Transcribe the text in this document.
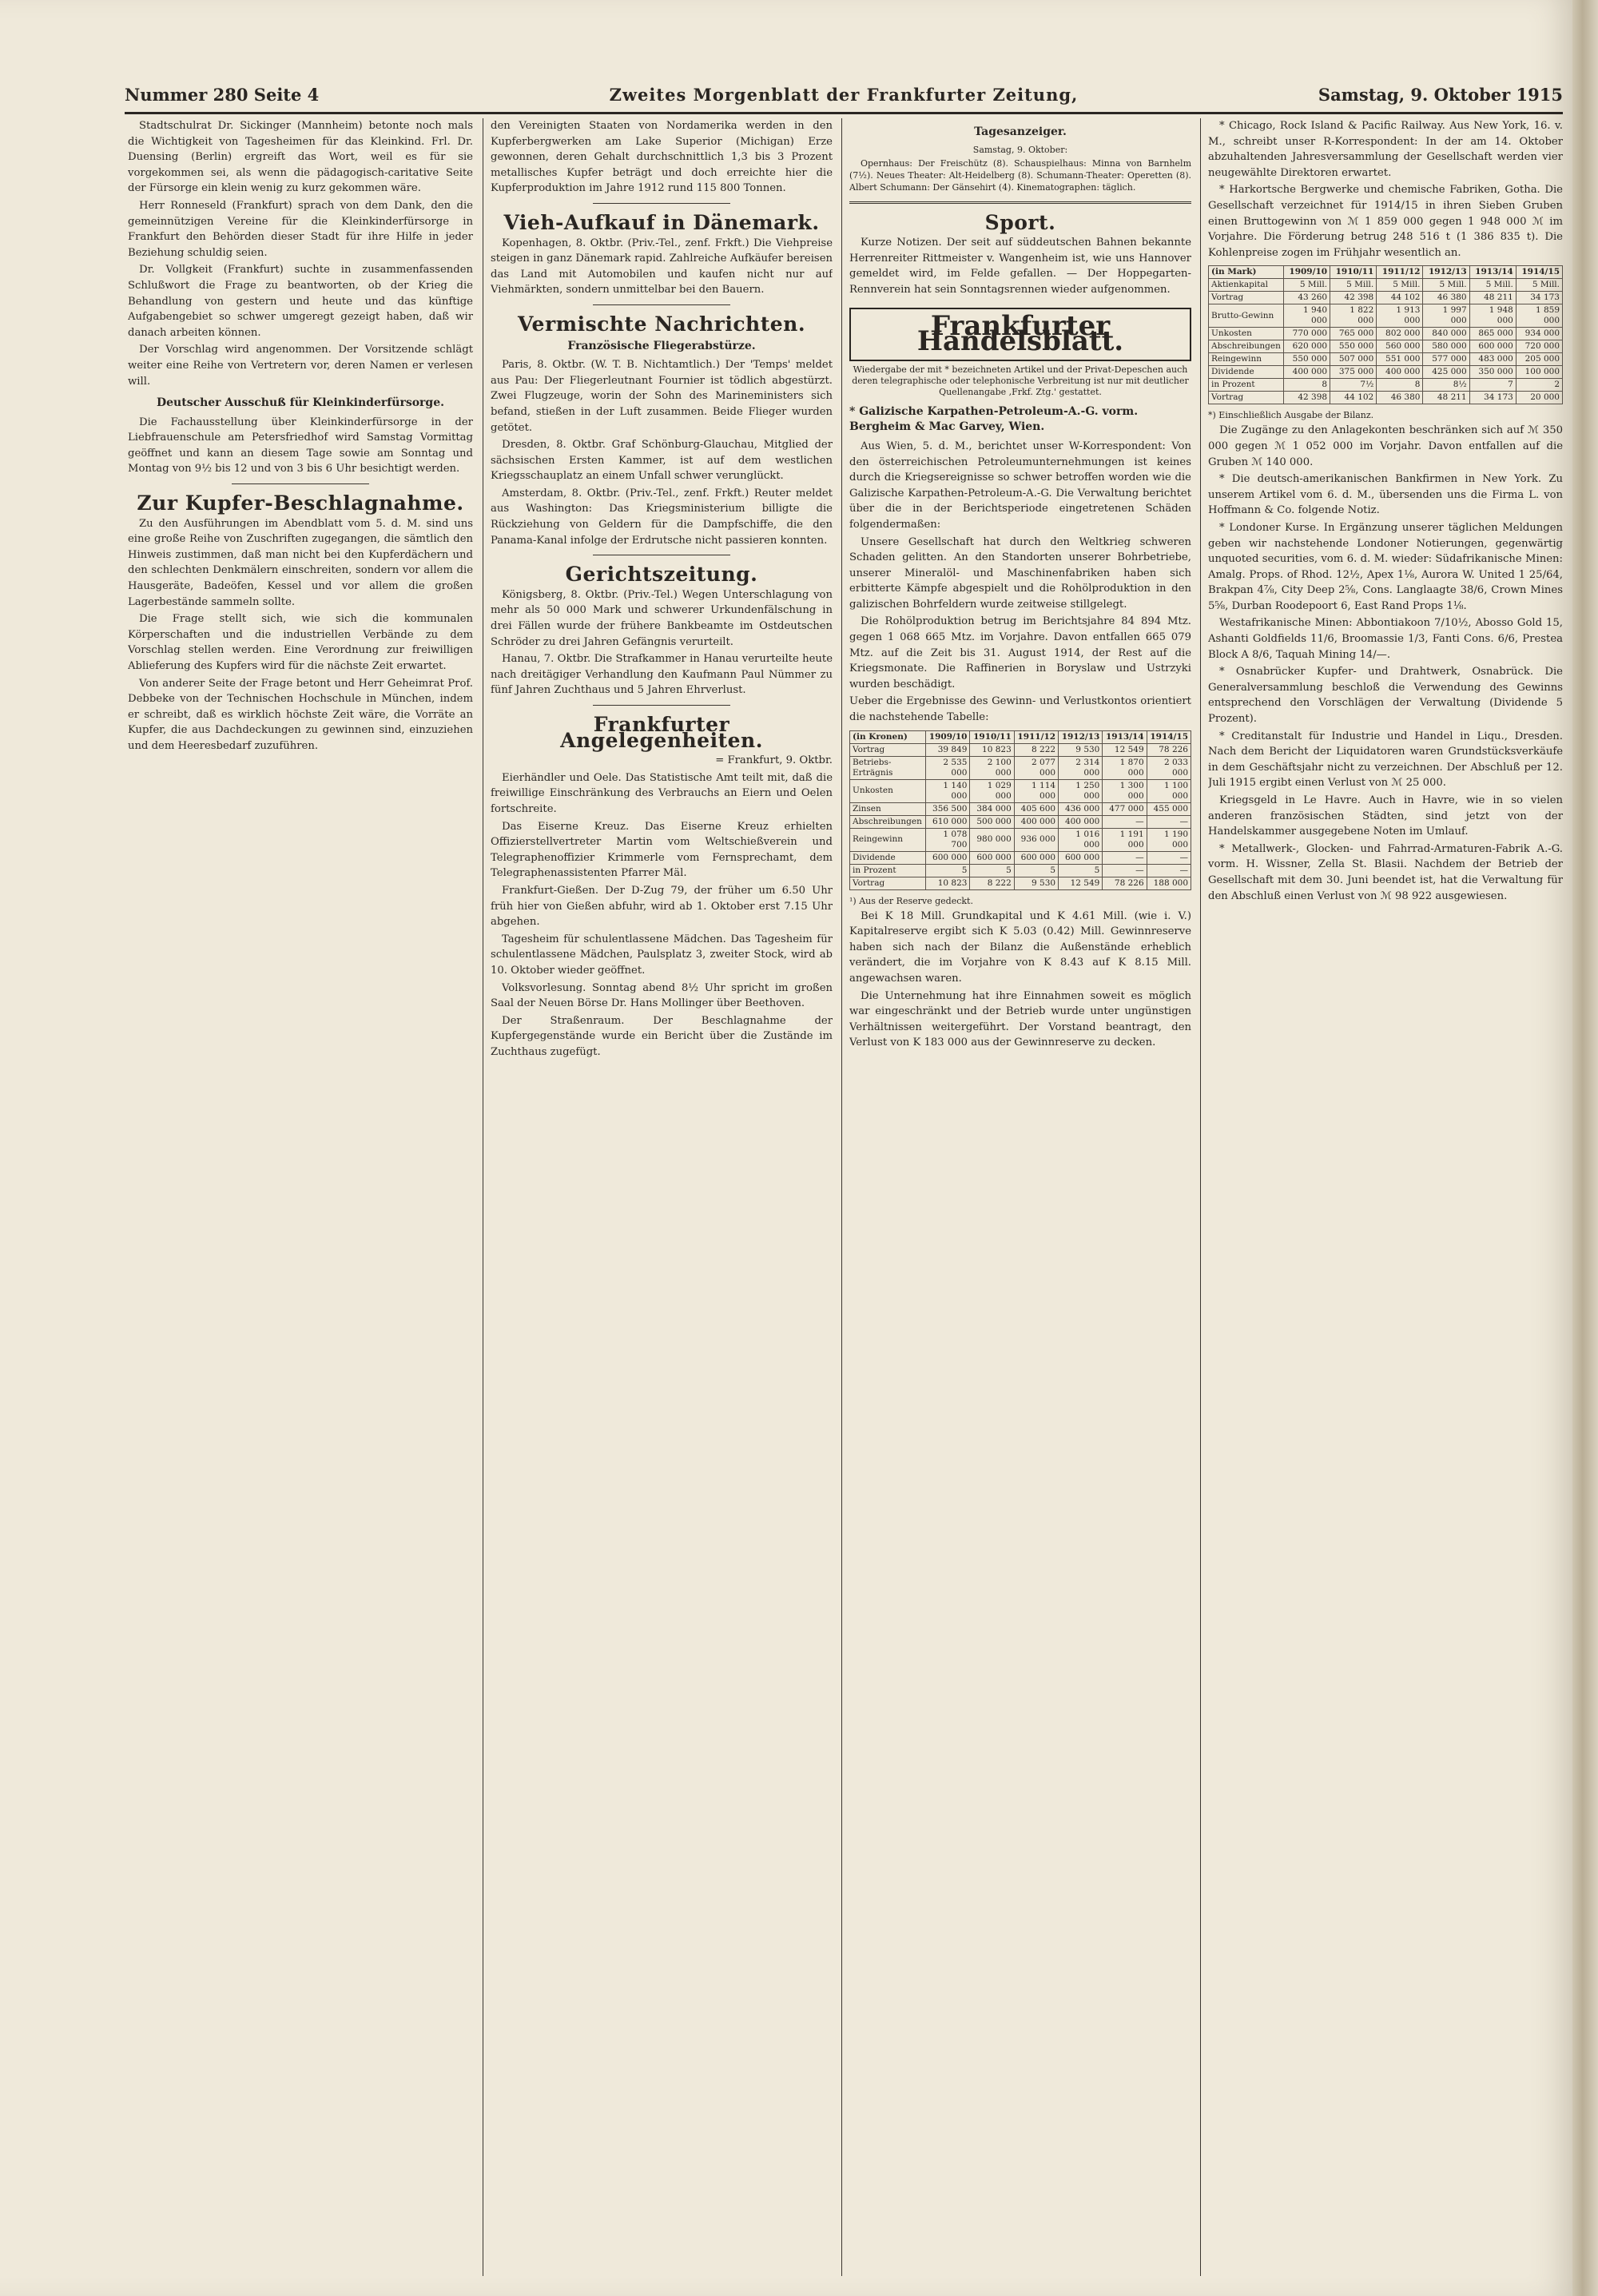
Nummer 280 Seite 4	Zweites Morgenblatt der Frankfurter Zeitung,	Samstag, 9. Oktober 1915

Stadtschulrat Dr. Sickinger (Mannheim) betonte noch mals die Wichtigkeit von Tagesheimen für das Kleinkind. Frl. Dr. Duensing (Berlin) ergreift das Wort, weil es für sie vorgekommen sei, als wenn die pädagogisch-caritative Seite der Fürsorge ein klein wenig zu kurz gekommen wäre.

Herr Ronneseld (Frankfurt) sprach von dem Dank, den die gemeinnützigen Vereine für die Kleinkinderfürsorge in Frankfurt den Behörden dieser Stadt für ihre Hilfe in jeder Beziehung schuldig seien.

Dr. Vollgkeit (Frankfurt) suchte in zusammenfassenden Schlußwort die Frage zu beantworten, ob der Krieg die Behandlung von gestern und heute und das künftige Aufgabengebiet so schwer umgeregt gezeigt haben, daß wir danach arbeiten können.

Der Vorschlag wird angenommen. Der Vorsitzende schlägt weiter eine Reihe von Vertretern vor, deren Namen er verlesen will.

Deutscher Ausschuß für Kleinkinderfürsorge.

Die Fachausstellung über Kleinkinderfürsorge in der Liebfrauenschule am Petersfriedhof wird Samstag Vormittag geöffnet und kann an diesem Tage sowie am Sonntag und Montag von 9½ bis 12 und von 3 bis 6 Uhr besichtigt werden.

Zur Kupfer-Beschlagnahme.

Zu den Ausführungen im Abendblatt vom 5. d. M. sind uns eine große Reihe von Zuschriften zugegangen, die sämtlich den Hinweis zustimmen, daß man nicht bei den Kupferdächern und den schlechten Denkmälern einschreiten, sondern vor allem die Hausgeräte, Badeöfen, Kessel und vor allem die großen Lagerbestände sammeln sollte.

Die Frage stellt sich, wie sich die kommunalen Körperschaften und die industriellen Verbände zu dem Vorschlag stellen werden. Eine Verordnung zur freiwilligen Ablieferung des Kupfers wird für die nächste Zeit erwartet.

Von anderer Seite der Frage betont und Herr Geheimrat Prof. Debbeke von der Technischen Hochschule in München, indem er schreibt, daß es wirklich höchste Zeit wäre, die Vorräte an Kupfer, die aus Dachdeckungen zu gewinnen sind, einzuziehen und dem Heeresbedarf zuzuführen.

den Vereinigten Staaten von Nordamerika werden in den Kupferbergwerken am Lake Superior (Michigan) Erze gewonnen, deren Gehalt durchschnittlich 1,3 bis 3 Prozent metallisches Kupfer beträgt und doch erreichte hier die Kupferproduktion im Jahre 1912 rund 115 800 Tonnen.

Vieh-Aufkauf in Dänemark.

Kopenhagen, 8. Oktbr. (Priv.-Tel., zenf. Frkft.) Die Viehpreise steigen in ganz Dänemark rapid. Zahlreiche Aufkäufer bereisen das Land mit Automobilen und kaufen nicht nur auf Viehmärkten, sondern unmittelbar bei den Bauern.

Vermischte Nachrichten.
Französische Fliegerabstürze.

Paris, 8. Oktbr. (W. T. B. Nichtamtlich.) Der 'Temps' meldet aus Pau: Der Fliegerleutnant Fournier ist tödlich abgestürzt. Zwei Flugzeuge, worin der Sohn des Marineministers sich befand, stießen in der Luft zusammen. Beide Flieger wurden getötet.

Dresden, 8. Oktbr. Graf Schönburg-Glauchau, Mitglied der sächsischen Ersten Kammer, ist auf dem westlichen Kriegsschauplatz an einem Unfall schwer verunglückt.

Amsterdam, 8. Oktbr. (Priv.-Tel., zenf. Frkft.) Reuter meldet aus Washington: Das Kriegsministerium billigte die Rückziehung von Geldern für die Dampfschiffe, die den Panama-Kanal infolge der Erdrutsche nicht passieren konnten.

Gerichtszeitung.

Königsberg, 8. Oktbr. (Priv.-Tel.) Wegen Unterschlagung von mehr als 50 000 Mark und schwerer Urkundenfälschung in drei Fällen wurde der frühere Bankbeamte im Ostdeutschen Schröder zu drei Jahren Gefängnis verurteilt.

Hanau, 7. Oktbr. Die Strafkammer in Hanau verurteilte heute nach dreitägiger Verhandlung den Kaufmann Paul Nümmer zu fünf Jahren Zuchthaus und 5 Jahren Ehrverlust.

Frankfurter Angelegenheiten.

= Frankfurt, 9. Oktbr.

Eierhändler und Oele. Das Statistische Amt teilt mit, daß die freiwillige Einschränkung des Verbrauchs an Eiern und Oelen fortschreite.

Das Eiserne Kreuz. Das Eiserne Kreuz erhielten Offizierstellvertreter Martin vom Weltschießverein und Telegraphenoffizier Krimmerle vom Fernsprechamt, dem Telegraphenassistenten Pfarrer Mäl.

Frankfurt-Gießen. Der D-Zug 79, der früher um 6.50 Uhr früh hier von Gießen abfuhr, wird ab 1. Oktober erst 7.15 Uhr abgehen.

Tagesheim für schulentlassene Mädchen. Das Tagesheim für schulentlassene Mädchen, Paulsplatz 3, zweiter Stock, wird ab 10. Oktober wieder geöffnet.

Volksvorlesung. Sonntag abend 8½ Uhr spricht im großen Saal der Neuen Börse Dr. Hans Mollinger über Beethoven.

Der Straßenraum. Der Beschlagnahme der Kupfergegenstände wurde ein Bericht über die Zustände im Zuchthaus zugefügt.

Tagesanzeiger.

Samstag, 9. Oktober:

Opernhaus: Der Freischütz (8). Schauspielhaus: Minna von Barnhelm (7½). Neues Theater: Alt-Heidelberg (8). Schumann-Theater: Operetten (8). Albert Schumann: Der Gänsehirt (4). Kinematographen: täglich.

Sport.

Kurze Notizen. Der seit auf süddeutschen Bahnen bekannte Herrenreiter Rittmeister v. Wangenheim ist, wie uns Hannover gemeldet wird, im Felde gefallen. — Der Hoppegarten-Rennverein hat sein Sonntagsrennen wieder aufgenommen.

Frankfurter Handelsblatt.
Wiedergabe der mit * bezeichneten Artikel und der Privat-Depeschen auch deren telegraphische oder telephonische Verbreitung ist nur mit deutlicher Quellenangabe ,Frkf. Ztg.' gestattet.
* Galizische Karpathen-Petroleum-A.-G. vorm. Bergheim & Mac Garvey, Wien.

Aus Wien, 5. d. M., berichtet unser W-Korrespondent: Von den österreichischen Petroleumunternehmungen ist keines durch die Kriegsereignisse so schwer betroffen worden wie die Galizische Karpathen-Petroleum-A.-G. Die Verwaltung berichtet über die in der Berichtsperiode eingetretenen Schäden folgendermaßen:

Unsere Gesellschaft hat durch den Weltkrieg schweren Schaden gelitten. An den Standorten unserer Bohrbetriebe, unserer Mineralöl- und Maschinenfabriken haben sich erbitterte Kämpfe abgespielt und die Rohölproduktion in den galizischen Bohrfeldern wurde zeitweise stillgelegt.

Die Rohölproduktion betrug im Berichtsjahre 84 894 Mtz. gegen 1 068 665 Mtz. im Vorjahre. Davon entfallen 665 079 Mtz. auf die Zeit bis 31. August 1914, der Rest auf die Kriegsmonate. Die Raffinerien in Boryslaw und Ustrzyki wurden beschädigt.

Ueber die Ergebnisse des Gewinn- und Verlustkontos orientiert die nachstehende Tabelle:

(in Kronen)	1909/10	1910/11	1911/12	1912/13	1913/14	1914/15
Vortrag	39 849	10 823	8 222	9 530	12 549	78 226
Betriebs-Erträgnis	2 535 000	2 100 000	2 077 000	2 314 000	1 870 000	2 033 000
Unkosten	1 140 000	1 029 000	1 114 000	1 250 000	1 300 000	1 100 000
Zinsen	356 500	384 000	405 600	436 000	477 000	455 000
Abschreibungen	610 000	500 000	400 000	400 000	—	—
Reingewinn	1 078 700	980 000	936 000	1 016 000	1 191 000	1 190 000
Dividende	600 000	600 000	600 000	600 000	—	—
in Prozent	5	5	5	5	—	—
Vortrag	10 823	8 222	9 530	12 549	78 226	188 000

¹) Aus der Reserve gedeckt.

Bei K 18 Mill. Grundkapital und K 4.61 Mill. (wie i. V.) Kapitalreserve ergibt sich K 5.03 (0.42) Mill. Gewinnreserve haben sich nach der Bilanz die Außenstände erheblich verändert, die im Vorjahre von K 8.43 auf K 8.15 Mill. angewachsen waren.

Die Unternehmung hat ihre Einnahmen soweit es möglich war eingeschränkt und der Betrieb wurde unter ungünstigen Verhältnissen weitergeführt. Der Vorstand beantragt, den Verlust von K 183 000 aus der Gewinnreserve zu decken.

* Chicago, Rock Island & Pacific Railway. Aus New York, 16. v. M., schreibt unser R-Korrespondent: In der am 14. Oktober abzuhaltenden Jahresversammlung der Gesellschaft werden vier neugewählte Direktoren erwartet.

* Harkortsche Bergwerke und chemische Fabriken, Gotha. Die Gesellschaft verzeichnet für 1914/15 in ihren Sieben Gruben einen Bruttogewinn von ℳ 1 859 000 gegen 1 948 000 ℳ im Vorjahre. Die Förderung betrug 248 516 t (1 386 835 t). Die Kohlenpreise zogen im Frühjahr wesentlich an.

(in Mark)	1909/10	1910/11	1911/12	1912/13	1913/14	1914/15
Aktienkapital	5 Mill.	5 Mill.	5 Mill.	5 Mill.	5 Mill.	5 Mill.
Vortrag	43 260	42 398	44 102	46 380	48 211	34 173
Brutto-Gewinn	1 940 000	1 822 000	1 913 000	1 997 000	1 948 000	1 859 000
Unkosten	770 000	765 000	802 000	840 000	865 000	934 000
Abschreibungen	620 000	550 000	560 000	580 000	600 000	720 000
Reingewinn	550 000	507 000	551 000	577 000	483 000	205 000
Dividende	400 000	375 000	400 000	425 000	350 000	100 000
in Prozent	8	7½	8	8½	7	2
Vortrag	42 398	44 102	46 380	48 211	34 173	20 000

*) Einschließlich Ausgabe der Bilanz.

Die Zugänge zu den Anlagekonten beschränken sich auf ℳ 350 000 gegen ℳ 1 052 000 im Vorjahr. Davon entfallen auf die Gruben ℳ 140 000.

* Die deutsch-amerikanischen Bankfirmen in New York. Zu unserem Artikel vom 6. d. M., übersenden uns die Firma L. von Hoffmann & Co. folgende Notiz.

* Londoner Kurse. In Ergänzung unserer täglichen Meldungen geben wir nachstehende Londoner Notierungen, gegenwärtig unquoted securities, vom 6. d. M. wieder: Südafrikanische Minen: Amalg. Props. of Rhod. 12½, Apex 1⅛, Aurora W. United 1 25/64, Brakpan 4⅞, City Deep 2⅝, Cons. Langlaagte 38/6, Crown Mines 5⅝, Durban Roodepoort 6, East Rand Props 1⅛.

Westafrikanische Minen: Abbontiakoon 7/10½, Abosso Gold 15, Ashanti Goldfields 11/6, Broomassie 1/3, Fanti Cons. 6/6, Prestea Block A 8/6, Taquah Mining 14/—.

* Osnabrücker Kupfer- und Drahtwerk, Osnabrück. Die Generalversammlung beschloß die Verwendung des Gewinns entsprechend den Vorschlägen der Verwaltung (Dividende 5 Prozent).

* Creditanstalt für Industrie und Handel in Liqu., Dresden. Nach dem Bericht der Liquidatoren waren Grundstücksverkäufe in dem Geschäftsjahr nicht zu verzeichnen. Der Abschluß per 12. Juli 1915 ergibt einen Verlust von ℳ 25 000.

Kriegsgeld in Le Havre. Auch in Havre, wie in so vielen anderen französischen Städten, sind jetzt von der Handelskammer ausgegebene Noten im Umlauf.

* Metallwerk-, Glocken- und Fahrrad-Armaturen-Fabrik A.-G. vorm. H. Wissner, Zella St. Blasii. Nachdem der Betrieb der Gesellschaft mit dem 30. Juni beendet ist, hat die Verwaltung für den Abschluß einen Verlust von ℳ 98 922 ausgewiesen.
